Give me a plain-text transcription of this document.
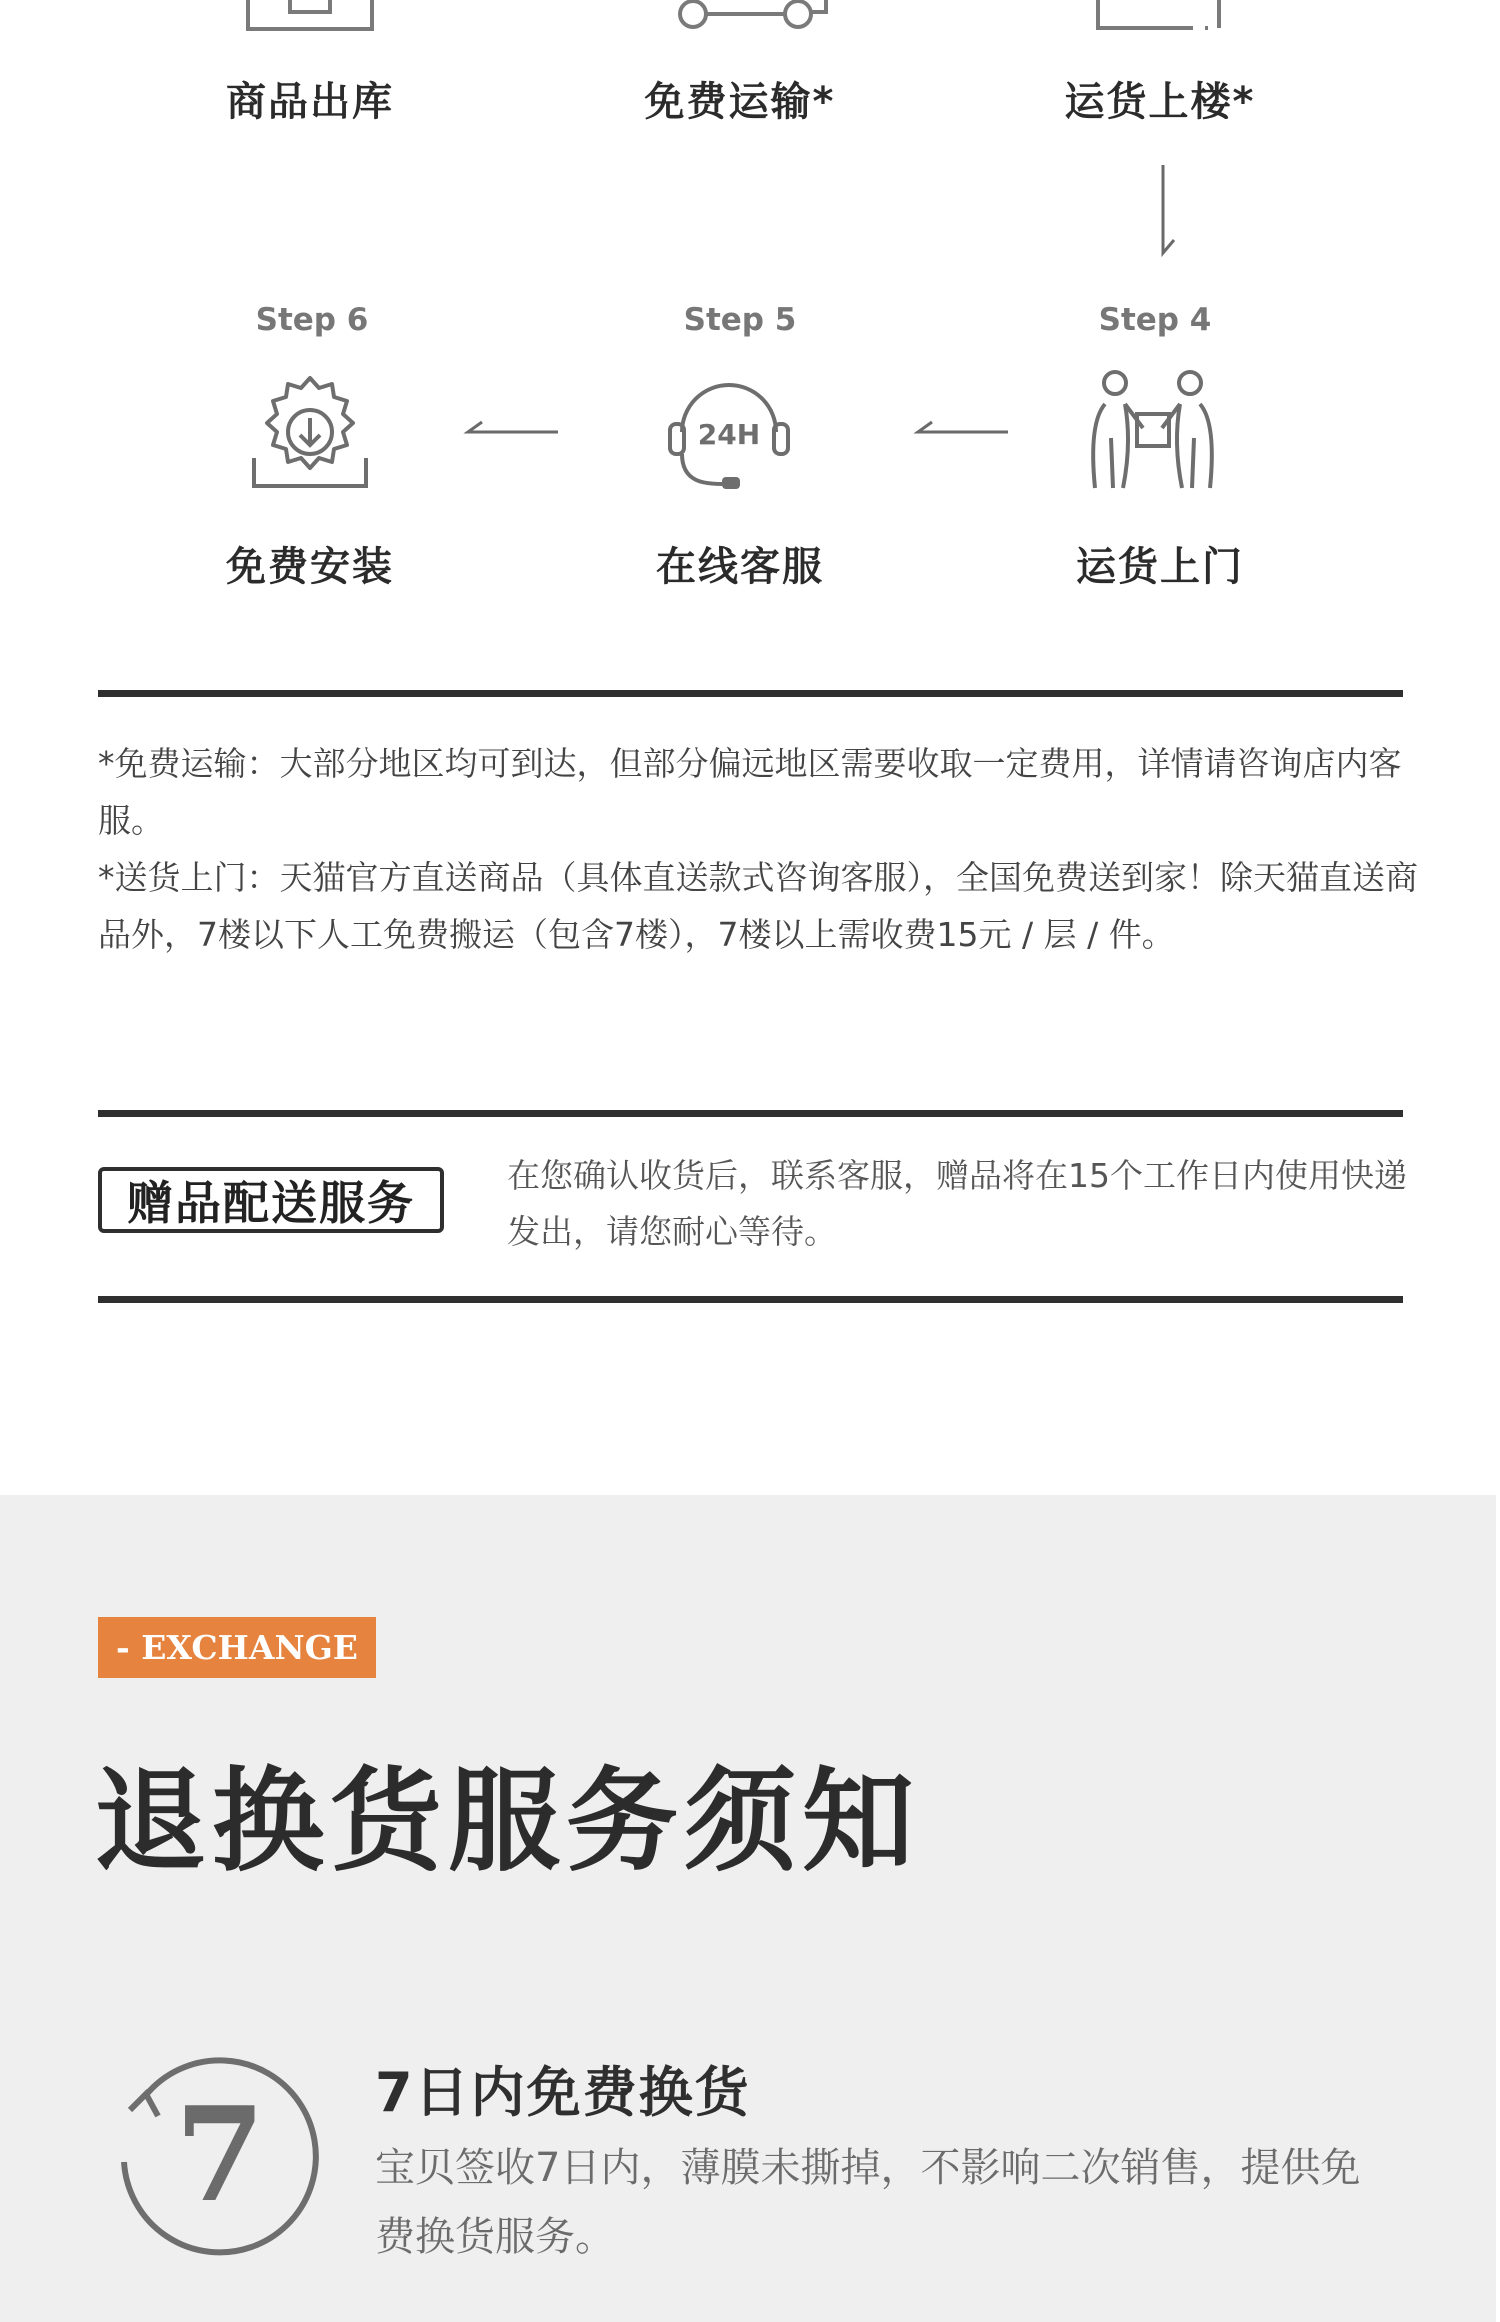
商品出库	免费运输*	运货上楼*
Step 6	Step 5	Step 4
24H
免费安装	在线客服	运货上门

*免费运输：大部分地区均可到达，但部分偏远地区需要收取一定费用，详情请咨询店内客服。

*送货上门：天猫官方直送商品（具体直送款式咨询客服），全国免费送到家！除天猫直送商品外，7楼以下人工免费搬运（包含7楼），7楼以上需收费15元 / 层 / 件。

赠品配送服务
在您确认收货后，联系客服，赠品将在15个工作日内使用快递发出，请您耐心等待。
- EXCHANGE
退换货服务须知
7 7日内免费换货
宝贝签收7日内，薄膜未撕掉，不影响二次销售，提供免费换货服务。
